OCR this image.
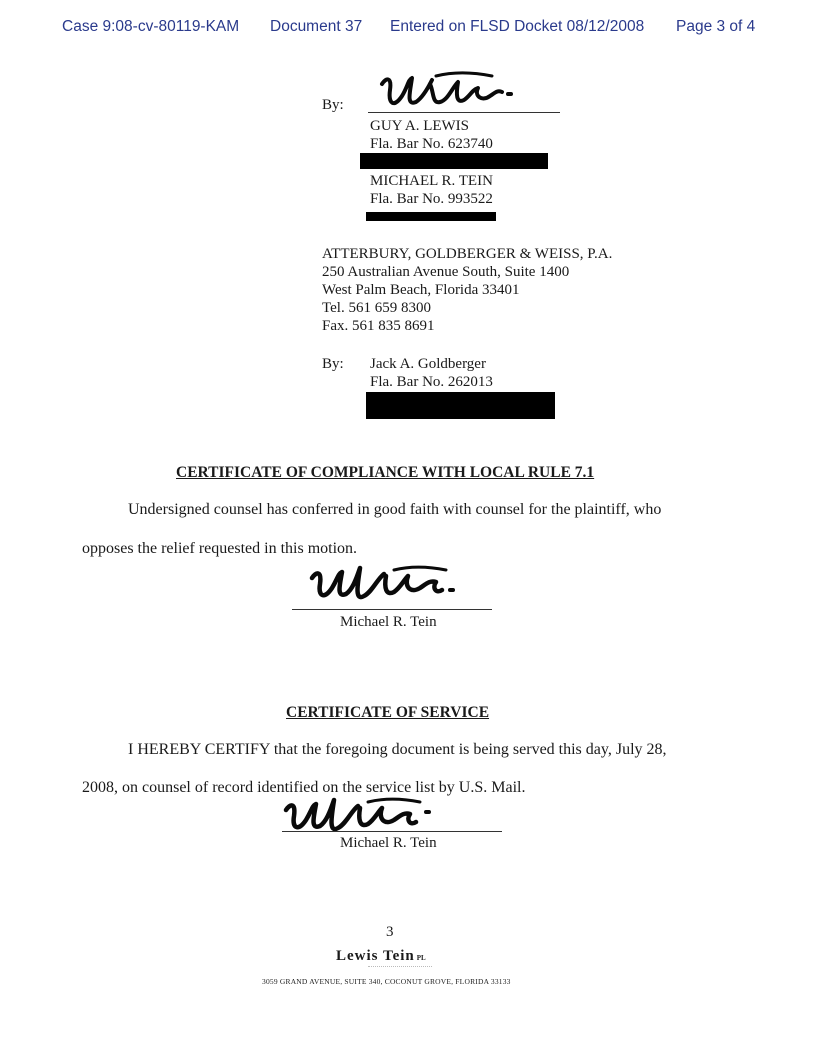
Case 9:08-cv-80119-KAM Document 37 Entered on FLSD Docket 08/12/2008 Page 3 of 4
By:
GUY A. LEWIS
Fla. Bar No. 623740
MICHAEL R. TEIN
Fla. Bar No. 993522
ATTERBURY, GOLDBERGER & WEISS, P.A.
250 Australian Avenue South, Suite 1400
West Palm Beach, Florida 33401
Tel. 561 659 8300
Fax. 561 835 8691
By: Jack A. Goldberger
Fla. Bar No. 262013
CERTIFICATE OF COMPLIANCE WITH LOCAL RULE 7.1
Undersigned counsel has conferred in good faith with counsel for the plaintiff, who
opposes the relief requested in this motion.
Michael R. Tein
CERTIFICATE OF SERVICE
I HEREBY CERTIFY that the foregoing document is being served this day, July 28,
2008, on counsel of record identified on the service list by U.S. Mail.
Michael R. Tein
3
Lewis Tein PL
3059 GRAND AVENUE, SUITE 340, COCONUT GROVE, FLORIDA 33133
